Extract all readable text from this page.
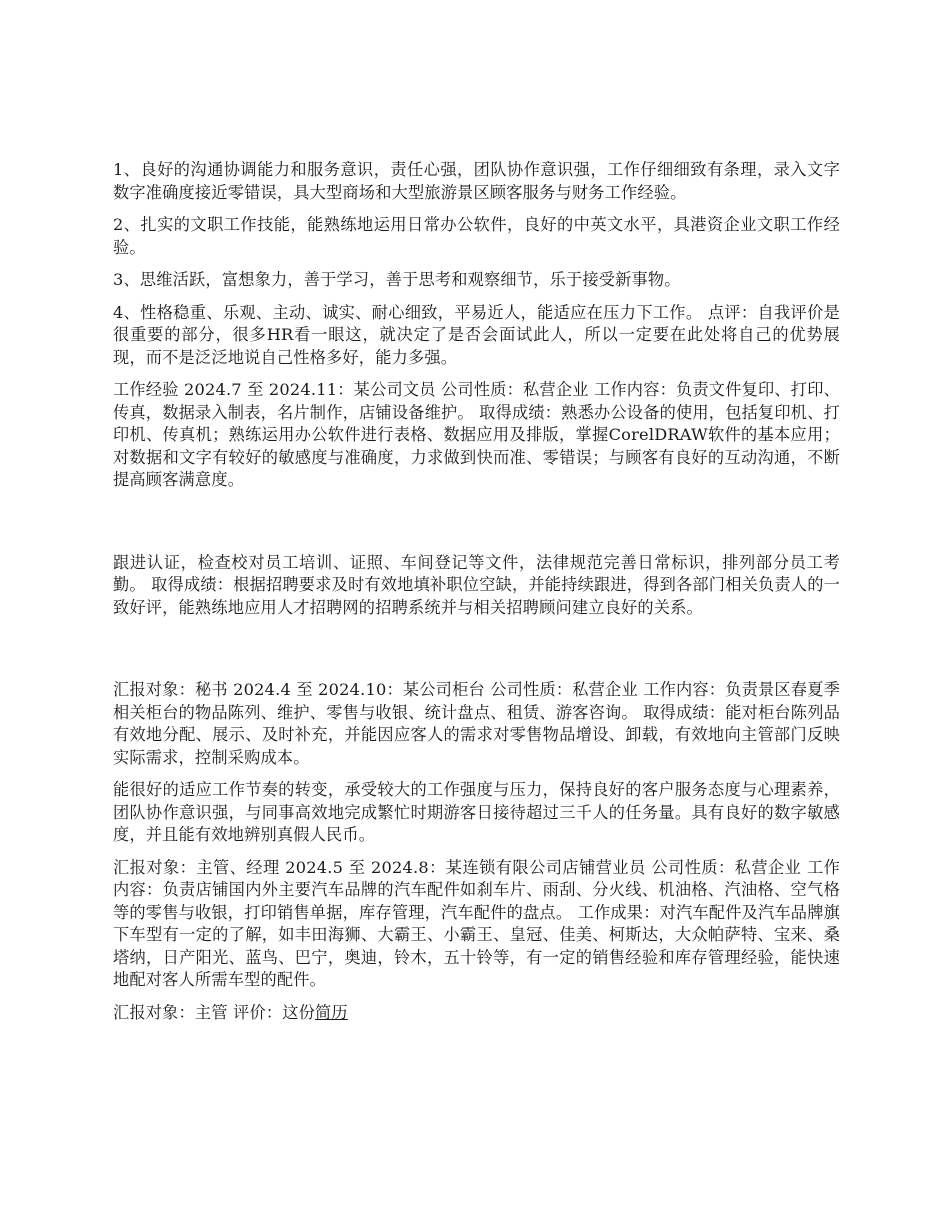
1、良好的沟通协调能力和服务意识，责任心强，团队协作意识强，工作仔细细致有条理，录入文字数字准确度接近零错误，具大型商场和大型旅游景区顾客服务与财务工作经验。

2、扎实的文职工作技能，能熟练地运用日常办公软件，良好的中英文水平，具港资企业文职工作经验。

3、思维活跃，富想象力，善于学习，善于思考和观察细节，乐于接受新事物。

4、性格稳重、乐观、主动、诚实、耐心细致，平易近人，能适应在压力下工作。 点评：自我评价是很重要的部分，很多HR看一眼这，就决定了是否会面试此人，所以一定要在此处将自己的优势展现，而不是泛泛地说自己性格多好，能力多强。

工作经验 2024.7 至 2024.11：某公司文员 公司性质：私营企业 工作内容：负责文件复印、打印、传真，数据录入制表，名片制作，店铺设备维护。 取得成绩：熟悉办公设备的使用，包括复印机、打印机、传真机；熟练运用办公软件进行表格、数据应用及排版，掌握CorelDRAW软件的基本应用；对数据和文字有较好的敏感度与准确度，力求做到快而准、零错误；与顾客有良好的互动沟通，不断提高顾客满意度。

跟进认证，检查校对员工培训、证照、车间登记等文件，法律规范完善日常标识，排列部分员工考勤。 取得成绩：根据招聘要求及时有效地填补职位空缺，并能持续跟进，得到各部门相关负责人的一致好评，能熟练地应用人才招聘网的招聘系统并与相关招聘顾问建立良好的关系。

汇报对象：秘书 2024.4 至 2024.10：某公司柜台 公司性质：私营企业 工作内容：负责景区春夏季相关柜台的物品陈列、维护、零售与收银、统计盘点、租赁、游客咨询。 取得成绩：能对柜台陈列品有效地分配、展示、及时补充，并能因应客人的需求对零售物品增设、卸载，有效地向主管部门反映实际需求，控制采购成本。

能很好的适应工作节奏的转变，承受较大的工作强度与压力，保持良好的客户服务态度与心理素养，团队协作意识强，与同事高效地完成繁忙时期游客日接待超过三千人的任务量。具有良好的数字敏感度，并且能有效地辨别真假人民币。

汇报对象：主管、经理 2024.5 至 2024.8：某连锁有限公司店铺营业员 公司性质：私营企业 工作内容：负责店铺国内外主要汽车品牌的汽车配件如刹车片、雨刮、分火线、机油格、汽油格、空气格等的零售与收银，打印销售单据，库存管理，汽车配件的盘点。 工作成果：对汽车配件及汽车品牌旗下车型有一定的了解，如丰田海狮、大霸王、小霸王、皇冠、佳美、柯斯达，大众帕萨特、宝来、桑塔纳，日产阳光、蓝鸟、巴宁，奥迪，铃木，五十铃等，有一定的销售经验和库存管理经验，能快速地配对客人所需车型的配件。

汇报对象：主管 评价：这份简历
